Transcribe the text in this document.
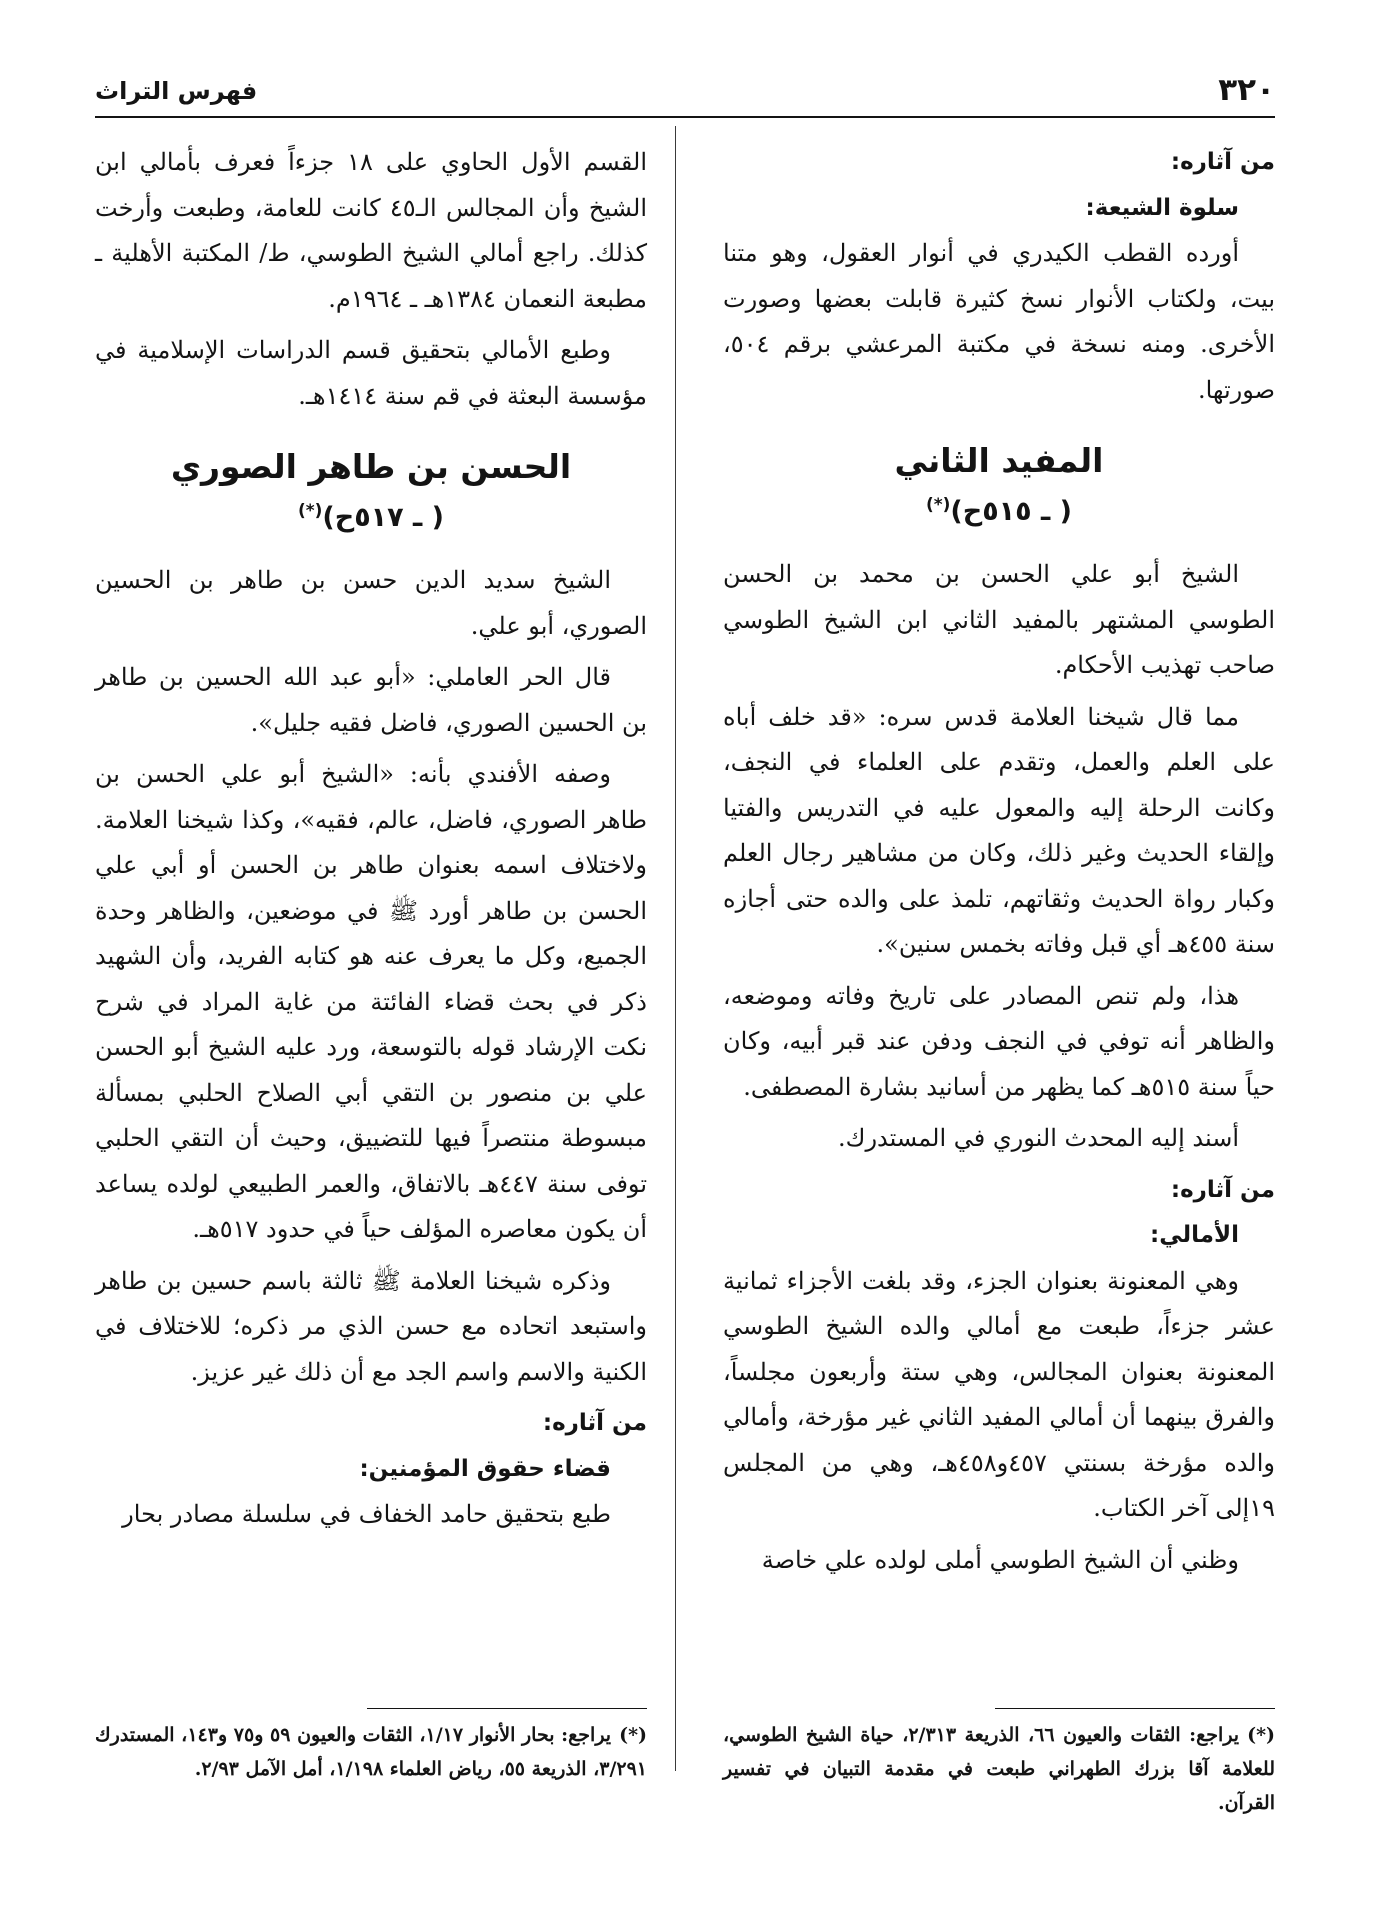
٣٢٠
فهرس التراث

من آثاره:

سلوة الشيعة:

أورده القطب الكيدري في أنوار العقول، وهو متنا بيت، ولكتاب الأنوار نسخ كثيرة قابلت بعضها وصورت الأخرى. ومنه نسخة في مكتبة المرعشي برقم ٥٠٤، صورتها.

المفيد الثاني

( ـ ٥١٥ح)(*)

الشيخ أبو علي الحسن بن محمد بن الحسن الطوسي المشتهر بالمفيد الثاني ابن الشيخ الطوسي صاحب تهذيب الأحكام.

مما قال شيخنا العلامة قدس سره: «قد خلف أباه على العلم والعمل، وتقدم على العلماء في النجف، وكانت الرحلة إليه والمعول عليه في التدريس والفتيا وإلقاء الحديث وغير ذلك، وكان من مشاهير رجال العلم وكبار رواة الحديث وثقاتهم، تلمذ على والده حتى أجازه سنة ٤٥٥هـ أي قبل وفاته بخمس سنين».

هذا، ولم تنص المصادر على تاريخ وفاته وموضعه، والظاهر أنه توفي في النجف ودفن عند قبر أبيه، وكان حياً سنة ٥١٥هـ كما يظهر من أسانيد بشارة المصطفى.

أسند إليه المحدث النوري في المستدرك.

من آثاره:

الأمالي:

وهي المعنونة بعنوان الجزء، وقد بلغت الأجزاء ثمانية عشر جزءاً، طبعت مع أمالي والده الشيخ الطوسي المعنونة بعنوان المجالس، وهي ستة وأربعون مجلساً، والفرق بينهما أن أمالي المفيد الثاني غير مؤرخة، وأمالي والده مؤرخة بسنتي ٤٥٧و٤٥٨هـ، وهي من المجلس ١٩إلى آخر الكتاب.

وظني أن الشيخ الطوسي أملى لولده علي خاصة

القسم الأول الحاوي على ١٨ جزءاً فعرف بأمالي ابن الشيخ وأن المجالس الـ٤٥ كانت للعامة، وطبعت وأرخت كذلك. راجع أمالي الشيخ الطوسي، ط/ المكتبة الأهلية ـ مطبعة النعمان ١٣٨٤هـ ـ ١٩٦٤م.

وطبع الأمالي بتحقيق قسم الدراسات الإسلامية في مؤسسة البعثة في قم سنة ١٤١٤هـ.

الحسن بن طاهر الصوري

( ـ ٥١٧ح)(*)

الشيخ سديد الدين حسن بن طاهر بن الحسين الصوري، أبو علي.

قال الحر العاملي: «أبو عبد الله الحسين بن طاهر بن الحسين الصوري، فاضل فقيه جليل».

وصفه الأفندي بأنه: «الشيخ أبو علي الحسن بن طاهر الصوري، فاضل، عالم، فقيه»، وكذا شيخنا العلامة. ولاختلاف اسمه بعنوان طاهر بن الحسن أو أبي علي الحسن بن طاهر أورد ﷺ في موضعين، والظاهر وحدة الجميع، وكل ما يعرف عنه هو كتابه الفريد، وأن الشهيد ذكر في بحث قضاء الفائتة من غاية المراد في شرح نكت الإرشاد قوله بالتوسعة، ورد عليه الشيخ أبو الحسن علي بن منصور بن التقي أبي الصلاح الحلبي بمسألة مبسوطة منتصراً فيها للتضييق، وحيث أن التقي الحلبي توفى سنة ٤٤٧هـ بالاتفاق، والعمر الطبيعي لولده يساعد أن يكون معاصره المؤلف حياً في حدود ٥١٧هـ.

وذكره شيخنا العلامة ﷺ ثالثة باسم حسين بن طاهر واستبعد اتحاده مع حسن الذي مر ذكره؛ للاختلاف في الكنية والاسم واسم الجد مع أن ذلك غير عزيز.

من آثاره:

قضاء حقوق المؤمنين:

طبع بتحقيق حامد الخفاف في سلسلة مصادر بحار

(*)يراجع: الثقات والعيون ٦٦، الذريعة ٢/٣١٣، حياة الشيخ الطوسي، للعلامة آقا بزرك الطهراني طبعت في مقدمة التبيان في تفسير القرآن.
(*)يراجع: بحار الأنوار ١/١٧، الثقات والعيون ٥٩ و٧٥ و١٤٣، المستدرك ٣/٢٩١، الذريعة ٥٥، رياض العلماء ١/١٩٨، أمل الآمل ٢/٩٣.
